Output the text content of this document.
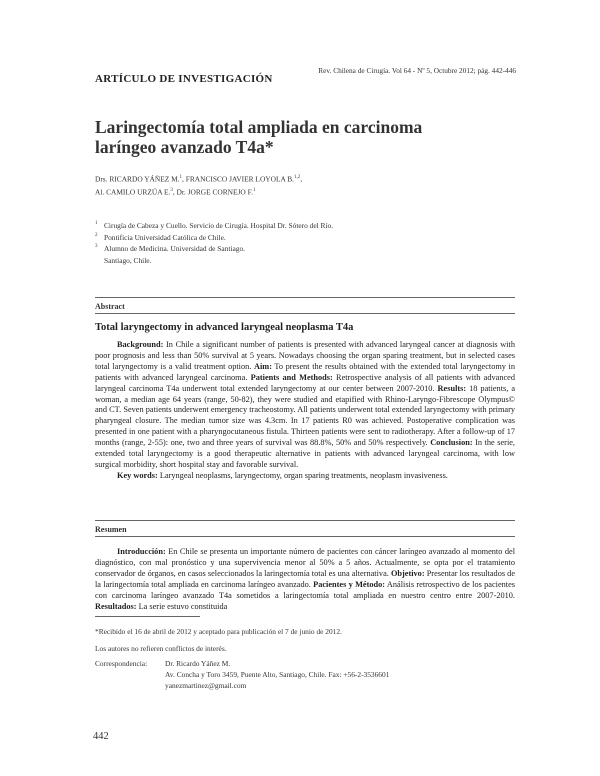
Rev. Chilena de Cirugía. Vol 64 - Nº 5, Octubre 2012; pág. 442-446
ARTÍCULO DE INVESTIGACIÓN
Laringectomía total ampliada en carcinoma
laríngeo avanzado T4a*
Drs. RICARDO YÁÑEZ M.$^1$, FRANCISCO JAVIER LOYOLA B.$^{1,2}$,
Al. CAMILO URZÚA E.$^3$, Dr. JORGE CORNEJO F.$^1$
1 Cirugía de Cabeza y Cuello. Servicio de Cirugía. Hospital Dr. Sótero del Río.
2 Pontificia Universidad Católica de Chile.
3 Alumno de Medicina. Universidad de Santiago.
Santiago, Chile.
Abstract
Total laryngectomy in advanced laryngeal neoplasma T4a

Background: In Chile a significant number of patients is presented with advanced laryngeal cancer at diagnosis with poor prognosis and less than 50% survival at 5 years. Nowadays choosing the organ sparing treatment, but in selected cases total laryngectomy is a valid treatment option. Aim: To present the results obtained with the extended total laryngectomy in patients with advanced laryngeal carcinoma. Patients and Methods: Retrospective analysis of all patients with advanced laryngeal carcinoma T4a underwent total extended laryngectomy at our center between 2007-2010. Results: 18 patients, a woman, a median age 64 years (range, 50-82), they were studied and etapified with Rhino-Laryngo-Fibrescope Olympus© and CT. Seven patients underwent emergency tracheostomy. All patients underwent total extended laryngectomy with primary pharyngeal closure. The median tumor size was 4.3cm. In 17 patients R0 was achieved. Postoperative complication was presented in one patient with a pharyngocutaneous fistula. Thirteen patients were sent to radiotherapy. After a follow-up of 17 months (range, 2-55): one, two and three years of survival was 88.8%, 50% and 50% respectively. Conclusion: In the serie, extended total laryngectomy is a good therapeutic alternative in patients with advanced laryngeal carcinoma, with low surgical morbidity, short hospital stay and favorable survival.

Key words: Laryngeal neoplasms, laryngectomy, organ sparing treatments, neoplasm invasiveness.

Resumen

Introducción: En Chile se presenta un importante número de pacientes con cáncer laríngeo avanzado al momento del diagnóstico, con mal pronóstico y una supervivencia menor al 50% a 5 años. Actualmente, se opta por el tratamiento conservador de órganos, en casos seleccionados la laringectomía total es una alternativa. Objetivo: Presentar los resultados de la laringectomía total ampliada en carcinoma laríngeo avanzado. Pacientes y Método: Análisis retrospectivo de los pacientes con carcinoma laríngeo avanzado T4a sometidos a laringectomía total ampliada en nuestro centro entre 2007-2010. Resultados: La serie estuvo constituida

*Recibido el 16 de abril de 2012 y aceptado para publicación el 7 de junio de 2012.
Los autores no refieren conflictos de interés.
Correspondencia: Dr. Ricardo Yáñez M.
Av. Concha y Toro 3459, Puente Alto, Santiago, Chile. Fax: +56-2-3536601
yanezmartinez@gmail.com
442
